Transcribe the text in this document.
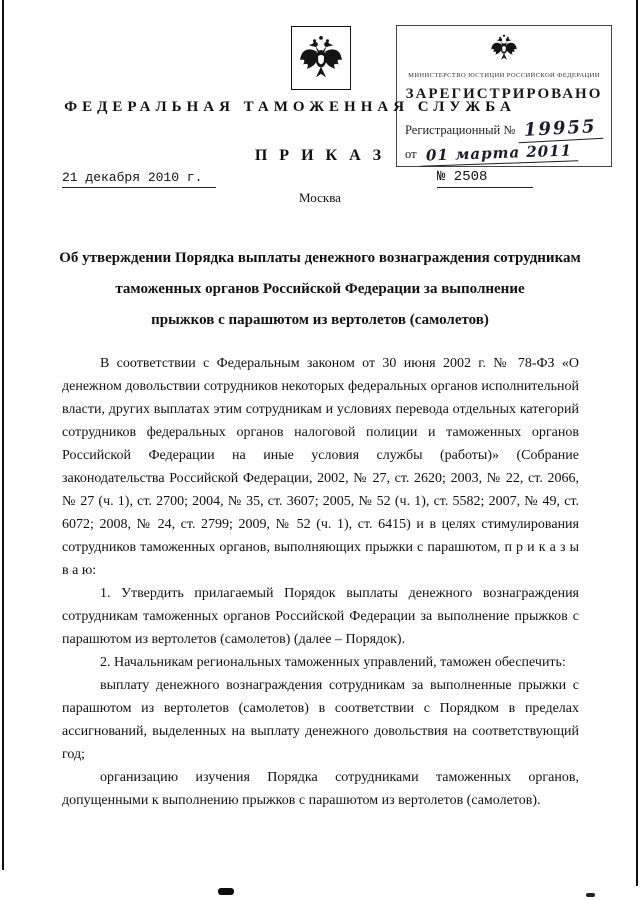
МИНИСТЕРСТВО ЮСТИЦИИ РОССИЙСКОЙ ФЕДЕРАЦИИ
ЗАРЕГИСТРИРОВАНО
Регистрационный № 19955
от 01 марта 2011
ФЕДЕРАЛЬНАЯ ТАМОЖЕННАЯ СЛУЖБА
П Р И К А З
21 декабря 2010 г.	№ 2508
Москва
Об утверждении Порядка выплаты денежного вознаграждения сотрудникам
таможенных органов Российской Федерации за выполнение
прыжков с парашютом из вертолетов (самолетов)

В соответствии с Федеральным законом от 30 июня 2002 г. № 78-ФЗ «О денежном довольствии сотрудников некоторых федеральных органов исполнительной власти, других выплатах этим сотрудникам и условиях перевода отдельных категорий сотрудников федеральных органов налоговой полиции и таможенных органов Российской Федерации на иные условия службы (работы)» (Собрание законодательства Российской Федерации, 2002, № 27, ст. 2620; 2003, № 22, ст. 2066, № 27 (ч. 1), ст. 2700; 2004, № 35, ст. 3607; 2005, № 52 (ч. 1), ст. 5582; 2007, № 49, ст. 6072; 2008, № 24, ст. 2799; 2009, № 52 (ч. 1), ст. 6415) и в целях стимулирования сотрудников таможенных органов, выполняющих прыжки с парашютом, п р и к а з ы в а ю:

1. Утвердить прилагаемый Порядок выплаты денежного вознаграждения сотрудникам таможенных органов Российской Федерации за выполнение прыжков с парашютом из вертолетов (самолетов) (далее – Порядок).

2. Начальникам региональных таможенных управлений, таможен обеспечить:

выплату денежного вознаграждения сотрудникам за выполненные прыжки с парашютом из вертолетов (самолетов) в соответствии с Порядком в пределах ассигнований, выделенных на выплату денежного довольствия на соответствующий год;

организацию изучения Порядка сотрудниками таможенных органов, допущенными к выполнению прыжков с парашютом из вертолетов (самолетов).
